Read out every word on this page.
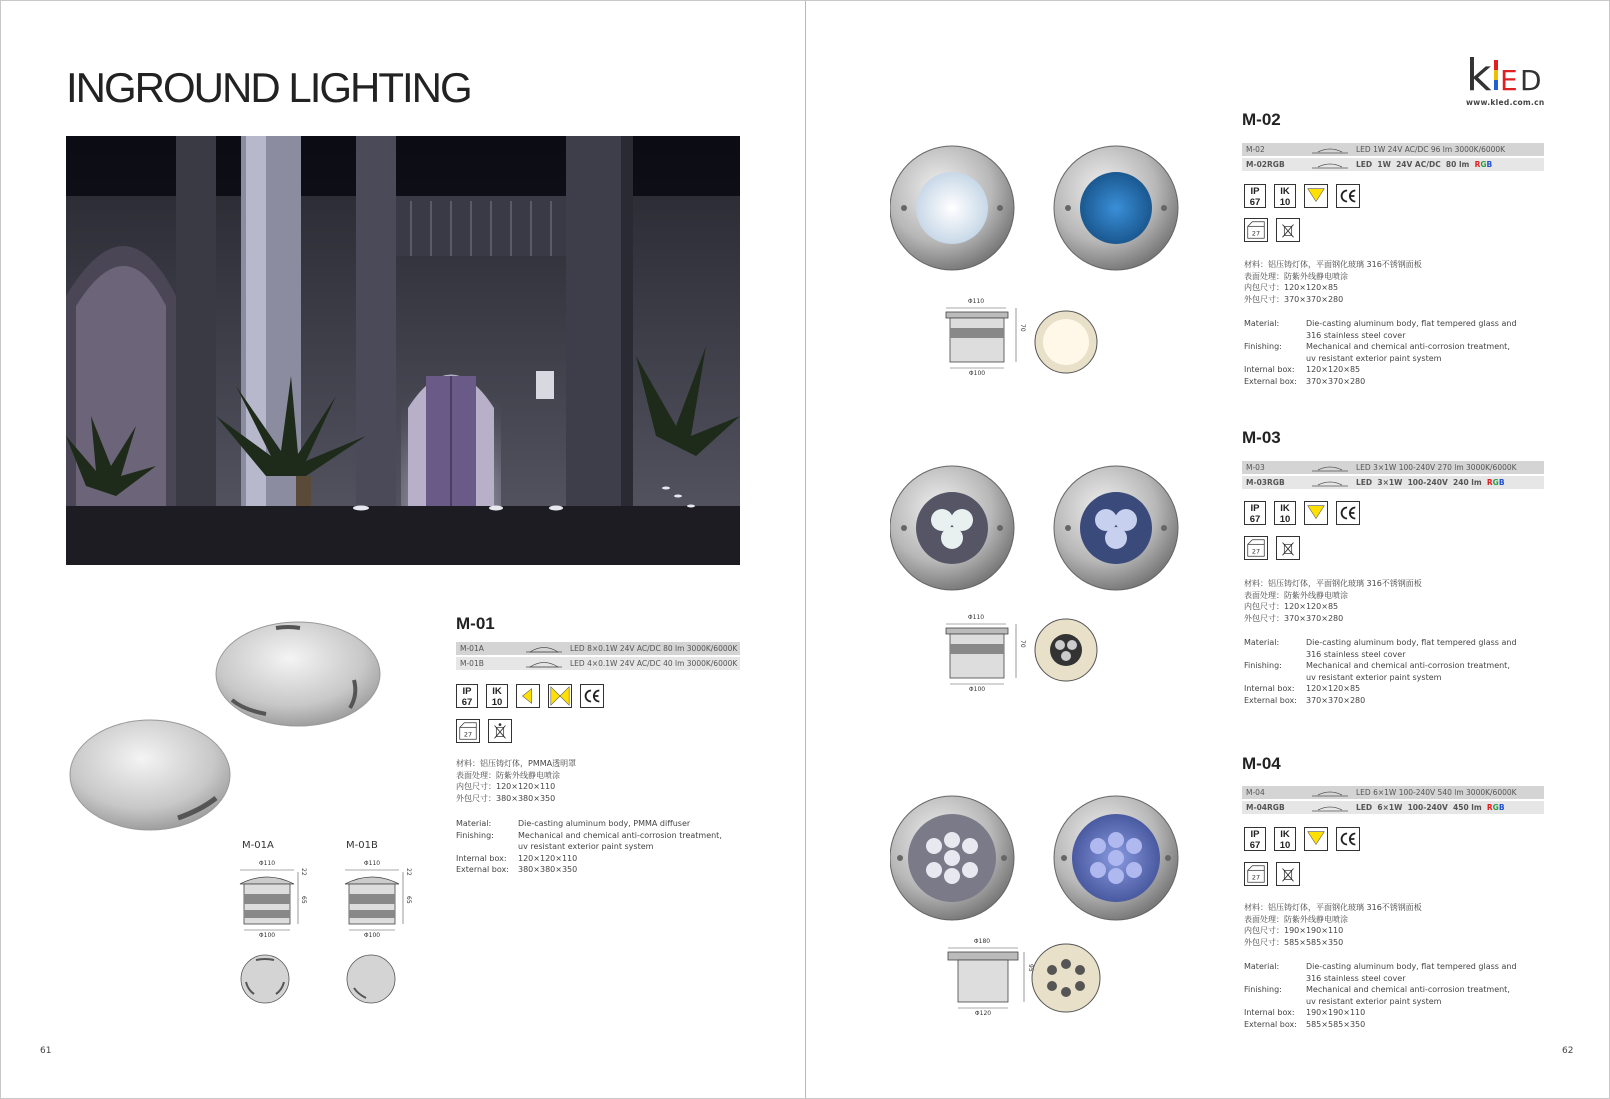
INGROUND LIGHTING
M-01A	M-01B
Φ110
22
65
Φ100
Φ110
22
65
Φ100
M-01
M-01A	LED 8×0.1W 24V AC/DC 80 lm 3000K/6000K
M-01B	LED 4×0.1W 24V AC/DC 40 lm 3000K/6000K
IP
67
IK
10
27
材料：铝压铸灯体，PMMA透明罩
表面处理：防紫外线静电喷涂
内包尺寸：120×120×110
外包尺寸：380×380×350
Material:	Die-casting aluminum body, PMMA diffuser
Finishing:	Mechanical and chemical anti-corrosion treatment,
uv resistant exterior paint system
Internal box:	120×120×110
External box:	380×380×350
61
k E D
www.kled.com.cn
Φ110
70
Φ100
Φ110
70
Φ100
Φ180
95
Φ120
M-02
M-02	LED 1W 24V AC/DC 96 lm 3000K/6000K
M-02RGB	LED  1W  24V AC/DC  80 lm RGB
M-03
M-03	LED 3×1W 100-240V 270 lm 3000K/6000K
M-03RGB	LED  3×1W  100-240V  240 lm RGB
M-04
M-04	LED 6×1W 100-240V 540 lm 3000K/6000K
M-04RGB	LED  6×1W  100-240V  450 lm RGB
IP
67
IK
10
27
IP
67
IK
10
27
IP
67
IK
10
27
材料：铝压铸灯体，平面钢化玻璃 316不锈钢面板
表面处理：防紫外线静电喷涂
内包尺寸：120×120×85
外包尺寸：370×370×280
Material:	Die-casting aluminum body, flat tempered glass and
316 stainless steel cover
Finishing:	Mechanical and chemical anti-corrosion treatment,
uv resistant exterior paint system
Internal box:	120×120×85
External box:	370×370×280
材料：铝压铸灯体，平面钢化玻璃 316不锈钢面板
表面处理：防紫外线静电喷涂
内包尺寸：120×120×85
外包尺寸：370×370×280
Material:	Die-casting aluminum body, flat tempered glass and
316 stainless steel cover
Finishing:	Mechanical and chemical anti-corrosion treatment,
uv resistant exterior paint system
Internal box:	120×120×85
External box:	370×370×280
材料：铝压铸灯体，平面钢化玻璃 316不锈钢面板
表面处理：防紫外线静电喷涂
内包尺寸：190×190×110
外包尺寸：585×585×350
Material:	Die-casting aluminum body, flat tempered glass and
316 stainless steel cover
Finishing:	Mechanical and chemical anti-corrosion treatment,
uv resistant exterior paint system
Internal box:	190×190×110
External box:	585×585×350
62
